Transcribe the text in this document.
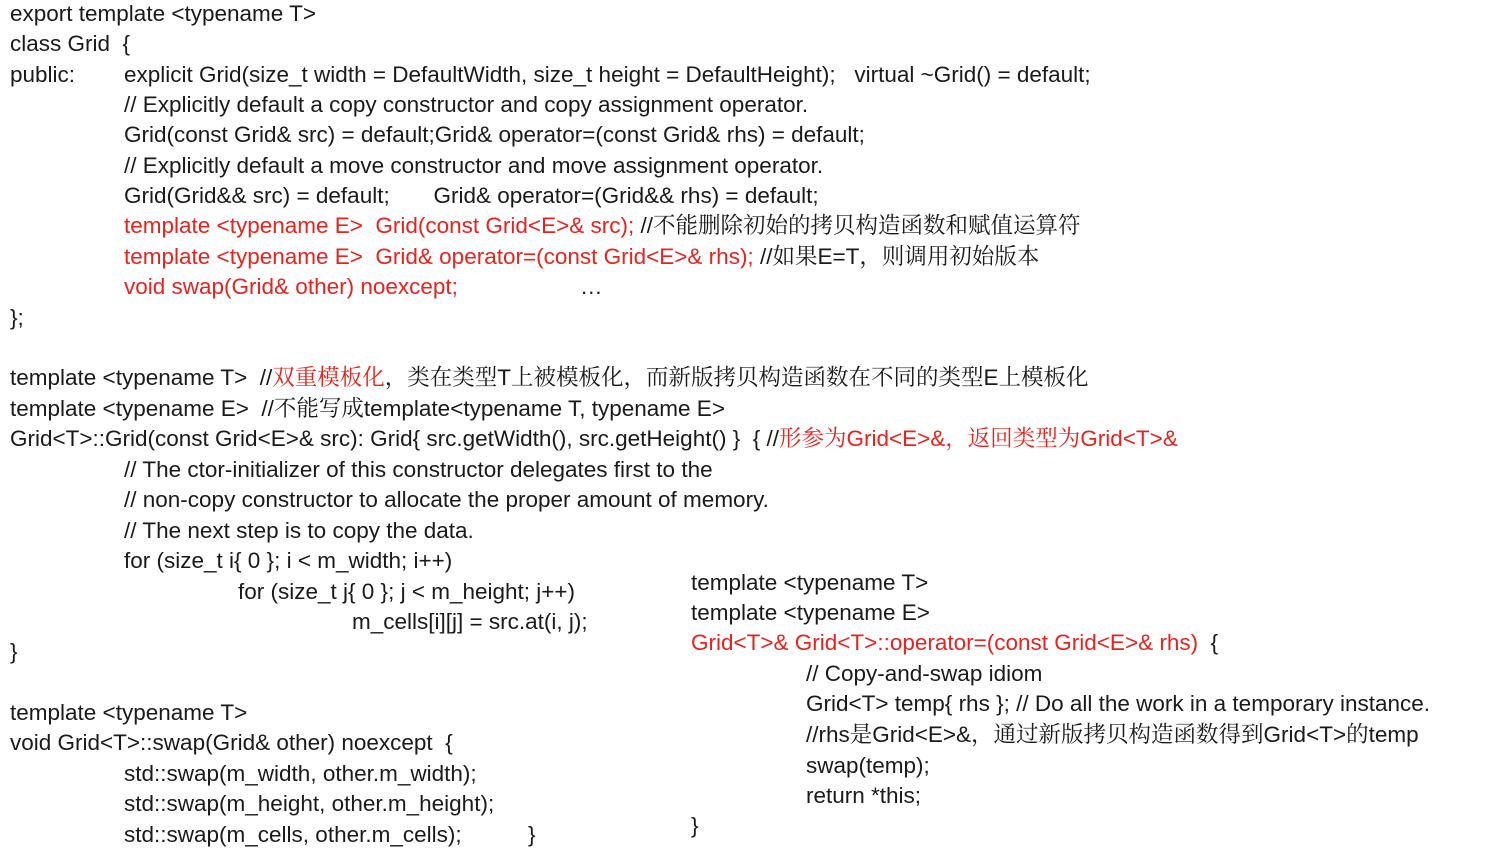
export template <typename T>
class Grid  {
public: explicit Grid(size_t width = DefaultWidth, size_t height = DefaultHeight);   virtual ~Grid() = default;
// Explicitly default a copy constructor and copy assignment operator.
Grid(const Grid& src) = default;Grid& operator=(const Grid& rhs) = default;
// Explicitly default a move constructor and move assignment operator.
Grid(Grid&& src) = default;       Grid& operator=(Grid&& rhs) = default;
template <typename E>  Grid(const Grid<E>& src); //不能删除初始的拷贝构造函数和赋值运算符
template <typename E>  Grid& operator=(const Grid<E>& rhs); //如果E=T，则调用初始版本
void swap(Grid& other) noexcept;	…
};
template <typename T>  //双重模板化，类在类型T上被模板化，而新版拷贝构造函数在不同的类型E上模板化
template <typename E>  //不能写成template<typename T, typename E>
Grid<T>::Grid(const Grid<E>& src): Grid{ src.getWidth(), src.getHeight() }  { //形参为Grid<E>&，返回类型为Grid<T>&
// The ctor-initializer of this constructor delegates first to the
// non-copy constructor to allocate the proper amount of memory.
// The next step is to copy the data.
for (size_t i{ 0 }; i < m_width; i++)
for (size_t j{ 0 }; j < m_height; j++)
m_cells[i][j] = src.at(i, j);
}
template <typename T>
void Grid<T>::swap(Grid& other) noexcept  {
std::swap(m_width, other.m_width);
std::swap(m_height, other.m_height);
std::swap(m_cells, other.m_cells);	}
template <typename T>
template <typename E>
Grid<T>& Grid<T>::operator=(const Grid<E>& rhs)  {
// Copy-and-swap idiom
Grid<T> temp{ rhs }; // Do all the work in a temporary instance.
//rhs是Grid<E>&，通过新版拷贝构造函数得到Grid<T>的temp
swap(temp);
return *this;
}
